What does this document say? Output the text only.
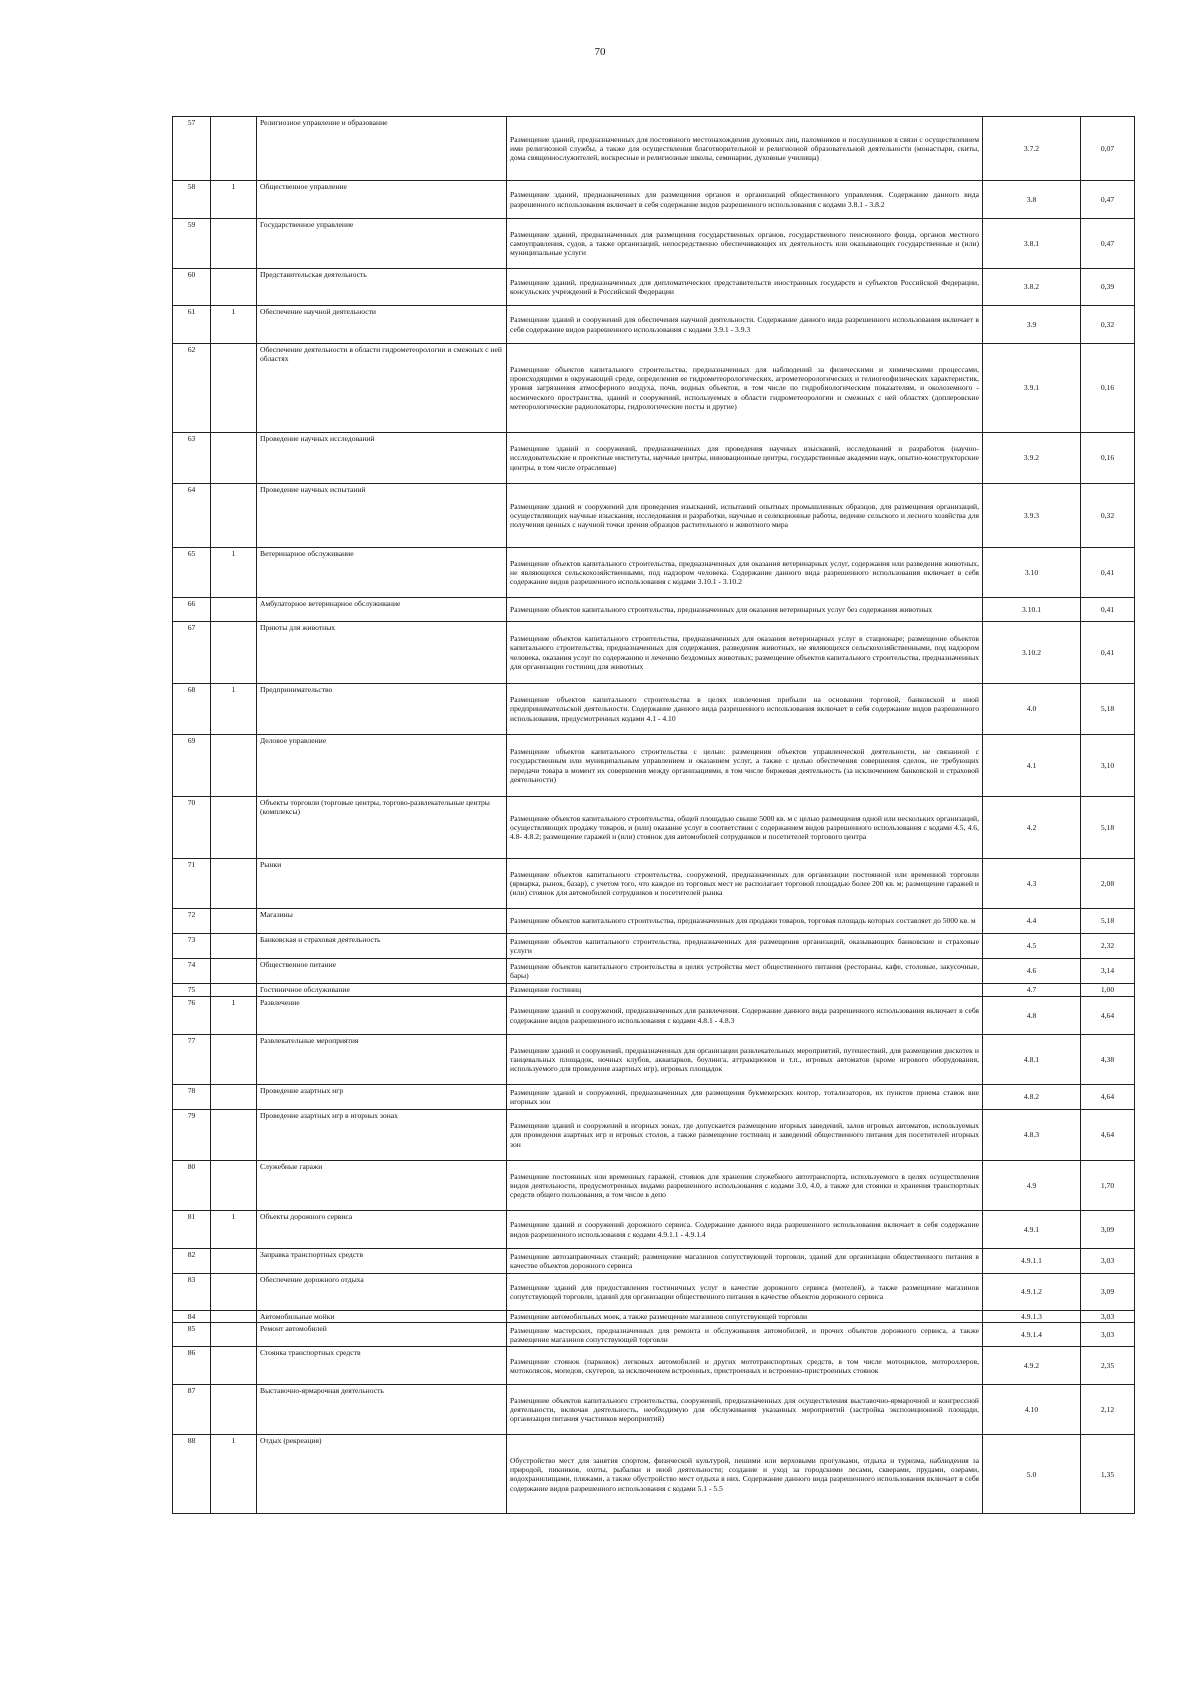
70
57		Религиозное управление и образование	Размещение зданий, предназначенных для постоянного местонахождения духовных лиц, паломников и послушников в связи с осуществлением ими религиозной службы, а также для осуществления благотворительной и религиозной образовательной деятельности (монастыри, скиты, дома священнослужителей, воскресные и религиозные школы, семинарии, духовные училища)	3.7.2	0,07
58	1	Общественное управление	Размещение зданий, предназначенных для размещения органов и организаций общественного управления. Содержание данного вида разрешенного использования включает в себя содержание видов разрешенного использования с кодами 3.8.1 - 3.8.2	3.8	0,47
59		Государственное управление	Размещение зданий, предназначенных для размещения государственных органов, государственного пенсионного фонда, органов местного самоуправления, судов, а также организаций, непосредственно обеспечивающих их деятельность или оказывающих государственные и (или) муниципальные услуги	3.8.1	0,47
60		Представительская деятельность	Размещение зданий, предназначенных для дипломатических представительств иностранных государств и субъектов Российской Федерации, консульских учреждений в Российской Федерации	3.8.2	0,39
61	1	Обеспечение научной деятельности	Размещение зданий и сооружений для обеспечения научной деятельности. Содержание данного вида разрешенного использования включает в себя содержание видов разрешенного использования с кодами 3.9.1 - 3.9.3	3.9	0,32
62		Обеспечение деятельности в области гидрометеорологии и смежных с ней областях	Размещение объектов капитального строительства, предназначенных для наблюдений за физическими и химическими процессами, происходящими в окружающей среде, определения ее гидрометеорологических, агрометеорологических и гелиогеофизических характеристик, уровня загрязнения атмосферного воздуха, почв, водных объектов, в том числе по гидробиологическим показателям, и околоземного - космического пространства, зданий и сооружений, используемых в области гидрометеорологии и смежных с ней областях (доплеровские метеорологические радиолокаторы, гидрологические посты и другие)	3.9.1	0,16
63		Проведение научных исследований	Размещение зданий и сооружений, предназначенных для проведения научных изысканий, исследований и разработок (научно-исследовательские и проектные институты, научные центры, инновационные центры, государственные академии наук, опытно-конструкторские центры, в том числе отраслевые)	3.9.2	0,16
64		Проведение научных испытаний	Размещение зданий и сооружений для проведения изысканий, испытаний опытных промышленных образцов, для размещения организаций, осуществляющих научные изыскания, исследования и разработки, научные и селекционные работы, ведение сельского и лесного хозяйства для получения ценных с научной точки зрения образцов растительного и животного мира	3.9.3	0,32
65	1	Ветеринарное обслуживание	Размещение объектов капитального строительства, предназначенных для оказания ветеринарных услуг, содержания или разведения животных, не являющихся сельскохозяйственными, под надзором человека. Содержание данного вида разрешенного использования включает в себя содержание видов разрешенного использования с кодами 3.10.1 - 3.10.2	3.10	0,41
66		Амбулаторное ветеринарное обслуживание	Размещение объектов капитального строительства, предназначенных для оказания ветеринарных услуг без содержания животных	3.10.1	0,41
67		Приюты для животных	Размещение объектов капитального строительства, предназначенных для оказания ветеринарных услуг в стационаре; размещение объектов капитального строительства, предназначенных для содержания, разведения животных, не являющихся сельскохозяйственными, под надзором человека, оказания услуг по содержанию и лечению бездомных животных; размещение объектов капитального строительства, предназначенных для организации гостиниц для животных	3.10.2	0,41
68	1	Предпринимательство	Размещение объектов капитального строительства в целях извлечения прибыли на основании торговой, банковской и иной предпринимательской деятельности. Содержание данного вида разрешенного использования включает в себя содержание видов разрешенного использования, предусмотренных кодами 4.1 - 4.10	4.0	5,18
69		Деловое управление	Размещение объектов капитального строительства с целью: размещения объектов управленческой деятельности, не связанной с государственным или муниципальным управлением и оказанием услуг, а также с целью обеспечения совершения сделок, не требующих передачи товара в момент их совершения между организациями, в том числе биржевая деятельность (за исключением банковской и страховой деятельности)	4.1	3,10
70		Объекты торговли (торговые центры, торгово-развлекательные центры (комплексы)	Размещение объектов капитального строительства, общей площадью свыше 5000 кв. м с целью размещения одной или нескольких организаций, осуществляющих продажу товаров, и (или) оказание услуг в соответствии с содержанием видов разрешенного использования с кодами 4.5, 4.6, 4.8- 4.8.2; размещение гаражей и (или) стоянок для автомобилей сотрудников и посетителей торгового центра	4.2	5,18
71		Рынки	Размещение объектов капитального строительства, сооружений, предназначенных для организации постоянной или временной торговли (ярмарка, рынок, базар), с учетом того, что каждое из торговых мест не располагает торговой площадью более 200 кв. м; размещение гаражей и (или) стоянок для автомобилей сотрудников и посетителей рынка	4.3	2,08
72		Магазины	Размещение объектов капитального строительства, предназначенных для продажи товаров, торговая площадь которых составляет до 5000 кв. м	4.4	5,18
73		Банковская и страховая деятельность	Размещение объектов капитального строительства, предназначенных для размещения организаций, оказывающих банковские и страховые услуги	4.5	2,32
74		Общественное питание	Размещение объектов капитального строительства в целях устройства мест общественного питания (рестораны, кафе, столовые, закусочные, бары)	4.6	3,14
75		Гостиничное обслуживание	Размещение гостиниц	4.7	1,00
76	1	Развлечение	Размещение зданий и сооружений, предназначенных для развлечения. Содержание данного вида разрешенного использования включает в себя содержание видов разрешенного использования с кодами 4.8.1 - 4.8.3	4.8	4,64
77		Развлекательные мероприятия	Размещение зданий и сооружений, предназначенных для организации развлекательных мероприятий, путешествий, для размещения дискотек и танцевальных площадок, ночных клубов, аквапарков, боулинга, аттракционов и т.п., игровых автоматов (кроме игрового оборудования, используемого для проведения азартных игр), игровых площадок	4.8.1	4,38
78		Проведение азартных игр	Размещение зданий и сооружений, предназначенных для размещения букмекерских контор, тотализаторов, их пунктов приема ставок вне игорных зон	4.8.2	4,64
79		Проведение азартных игр в игорных зонах	Размещение зданий и сооружений в игорных зонах, где допускается размещение игорных заведений, залов игровых автоматов, используемых для проведения азартных игр и игровых столов, а также размещение гостиниц и заведений общественного питания для посетителей игорных зон	4.8.3	4,64
80		Служебные гаражи	Размещение постоянных или временных гаражей, стоянок для хранения служебного автотранспорта, используемого в целях осуществления видов деятельности, предусмотренных видами разрешенного использования с кодами 3.0, 4.0, а также для стоянки и хранения транспортных средств общего пользования, в том числе в депо	4.9	1,70
81	1	Объекты дорожного сервиса	Размещение зданий и сооружений дорожного сервиса. Содержание данного вида разрешенного использования включает в себя содержание видов разрешенного использования с кодами 4.9.1.1 - 4.9.1.4	4.9.1	3,09
82		Заправка транспортных средств	Размещение автозаправочных станций; размещение магазинов сопутствующей торговли, зданий для организации общественного питания в качестве объектов дорожного сервиса	4.9.1.1	3,03
83		Обеспечение дорожного отдыха	Размещение зданий для предоставления гостиничных услуг в качестве дорожного сервиса (мотелей), а также размещение магазинов сопутствующей торговли, зданий для организации общественного питания в качестве объектов дорожного сервиса	4.9.1.2	3,09
84		Автомобильные мойки	Размещение автомобильных моек, а также размещение магазинов сопутствующей торговли	4.9.1.3	3,03
85		Ремонт автомобилей	Размещение мастерских, предназначенных для ремонта и обслуживания автомобилей, и прочих объектов дорожного сервиса, а также размещение магазинов сопутствующей торговли	4.9.1.4	3,03
86		Стоянка транспортных средств	Размещение стоянок (парковок) легковых автомобилей и других мототранспортных средств, в том числе мотоциклов, мотороллеров, мотоколясок, мопедов, скутеров, за исключением встроенных, пристроенных и встроенно-пристроенных стоянок	4.9.2	2,35
87		Выставочно-ярмарочная деятельность	Размещение объектов капитального строительства, сооружений, предназначенных для осуществления выставочно-ярмарочной и конгрессной деятельности, включая деятельность, необходимую для обслуживания указанных мероприятий (застройка экспозиционной площади, организация питания участников мероприятий)	4.10	2,12
88	1	Отдых (рекреация)	Обустройство мест для занятия спортом, физической культурой, пешими или верховыми прогулками, отдыха и туризма, наблюдения за природой, пикников, охоты, рыбалки и иной деятельности; создание и уход за городскими лесами, скверами, прудами, озерами, водохранилищами, пляжами, а также обустройство мест отдыха в них. Содержание данного вида разрешенного использования включает в себя содержание видов разрешенного использования с кодами 5.1 - 5.5	5.0	1,35
